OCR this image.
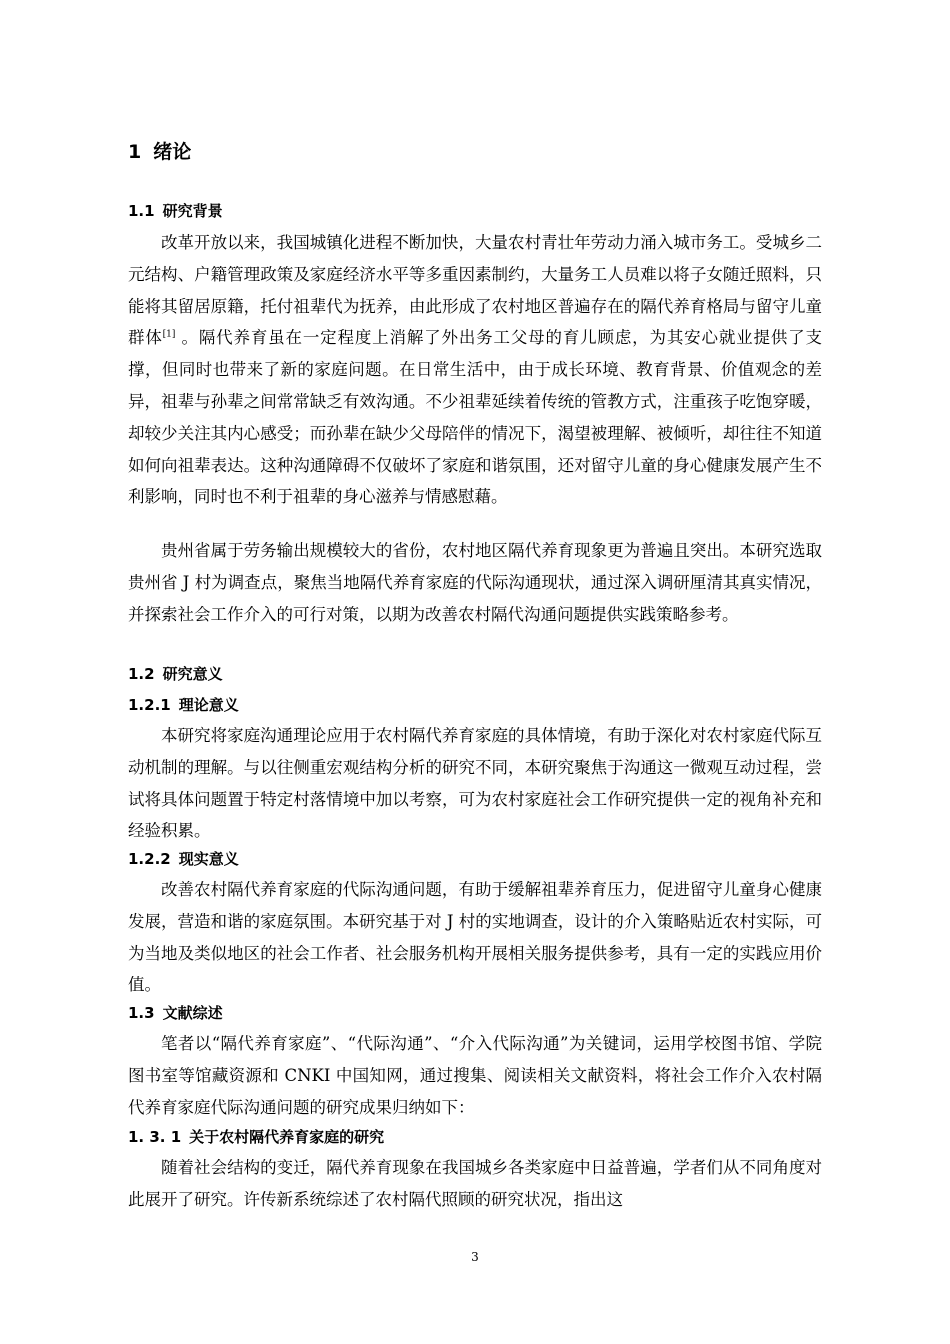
1 绪论
1.1 研究背景
改革开放以来，我国城镇化进程不断加快，大量农村青壮年劳动力涌入城市务工。受城乡二元结构、户籍管理政策及家庭经济水平等多重因素制约，大量务工人员难以将子女随迁照料，只能将其留居原籍，托付祖辈代为抚养，由此形成了农村地区普遍存在的隔代养育格局与留守儿童群体[1] 。隔代养育虽在一定程度上消解了外出务工父母的育儿顾虑，为其安心就业提供了支撑，但同时也带来了新的家庭问题。在日常生活中，由于成长环境、教育背景、价值观念的差异，祖辈与孙辈之间常常缺乏有效沟通。不少祖辈延续着传统的管教方式，注重孩子吃饱穿暖，却较少关注其内心感受；而孙辈在缺少父母陪伴的情况下，渴望被理解、被倾听，却往往不知道如何向祖辈表达。这种沟通障碍不仅破坏了家庭和谐氛围，还对留守儿童的身心健康发展产生不利影响，同时也不利于祖辈的身心滋养与情感慰藉。
贵州省属于劳务输出规模较大的省份，农村地区隔代养育现象更为普遍且突出。本研究选取贵州省 J 村为调查点，聚焦当地隔代养育家庭的代际沟通现状，通过深入调研厘清其真实情况，并探索社会工作介入的可行对策，以期为改善农村隔代沟通问题提供实践策略参考。
1.2 研究意义
1.2.1 理论意义
本研究将家庭沟通理论应用于农村隔代养育家庭的具体情境，有助于深化对农村家庭代际互动机制的理解。与以往侧重宏观结构分析的研究不同，本研究聚焦于沟通这一微观互动过程，尝试将具体问题置于特定村落情境中加以考察，可为农村家庭社会工作研究提供一定的视角补充和经验积累。
1.2.2 现实意义
改善农村隔代养育家庭的代际沟通问题，有助于缓解祖辈养育压力，促进留守儿童身心健康发展，营造和谐的家庭氛围。本研究基于对 J 村的实地调查，设计的介入策略贴近农村实际，可为当地及类似地区的社会工作者、社会服务机构开展相关服务提供参考，具有一定的实践应用价值。
1.3 文献综述
笔者以“隔代养育家庭”、“代际沟通”、“介入代际沟通”为关键词，运用学校图书馆、学院图书室等馆藏资源和 CNKI 中国知网，通过搜集、阅读相关文献资料，将社会工作介入农村隔代养育家庭代际沟通问题的研究成果归纳如下：
1. 3. 1 关于农村隔代养育家庭的研究
随着社会结构的变迁，隔代养育现象在我国城乡各类家庭中日益普遍，学者们从不同角度对此展开了研究。许传新系统综述了农村隔代照顾的研究状况，指出这
3
